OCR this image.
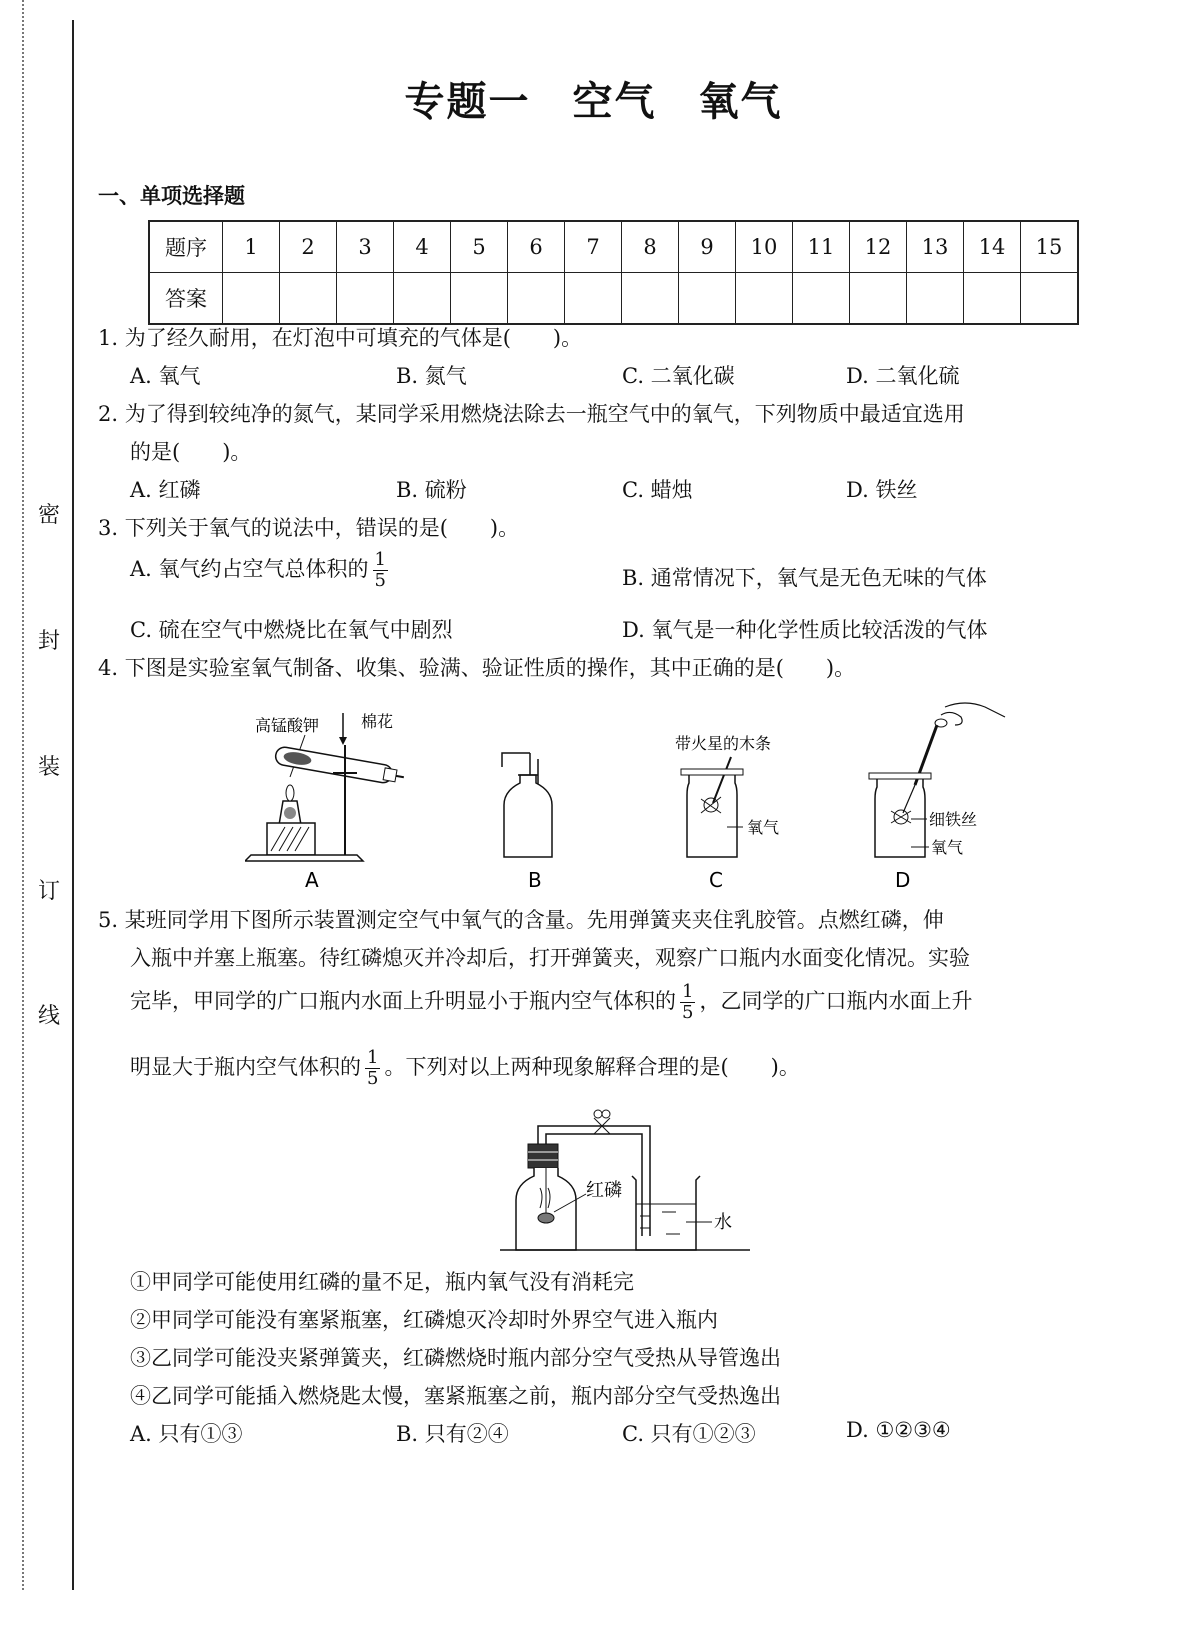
密
封
装
订
线
专题一　空气　氧气
一、单项选择题
题序	1	2	3	4	5	6	7	8	9	10	11	12	13	14	15
答案															
1. 为了经久耐用，在灯泡中可填充的气体是(　　)。
A. 氧气	B. 氮气	C. 二氧化碳	D. 二氧化硫
2. 为了得到较纯净的氮气，某同学采用燃烧法除去一瓶空气中的氧气，下列物质中最适宜选用
的是(　　)。
A. 红磷	B. 硫粉	C. 蜡烛	D. 铁丝
3. 下列关于氧气的说法中，错误的是(　　)。
A. 氧气约占空气总体积的 $\frac{1}{5}$	B. 通常情况下，氧气是无色无味的气体
C. 硫在空气中燃烧比在氧气中剧烈	D. 氧气是一种化学性质比较活泼的气体
4. 下图是实验室氧气制备、收集、验满、验证性质的操作，其中正确的是(　　)。
高锰酸钾	棉花
A	B
带火星的木条
氧气
C
细铁丝
氧气
D
5. 某班同学用下图所示装置测定空气中氧气的含量。先用弹簧夹夹住乳胶管。点燃红磷，伸
入瓶中并塞上瓶塞。待红磷熄灭并冷却后，打开弹簧夹，观察广口瓶内水面变化情况。实验
完毕，甲同学的广口瓶内水面上升明显小于瓶内空气体积的 $\frac{1}{5}$ ，乙同学的广口瓶内水面上升
明显大于瓶内空气体积的 $\frac{1}{5}$ 。下列对以上两种现象解释合理的是(　　)。
红磷
水
①甲同学可能使用红磷的量不足，瓶内氧气没有消耗完
②甲同学可能没有塞紧瓶塞，红磷熄灭冷却时外界空气进入瓶内
③乙同学可能没夹紧弹簧夹，红磷燃烧时瓶内部分空气受热从导管逸出
④乙同学可能插入燃烧匙太慢，塞紧瓶塞之前，瓶内部分空气受热逸出
A. 只有①③	B. 只有②④	C. 只有①②③	D. ①②③④
